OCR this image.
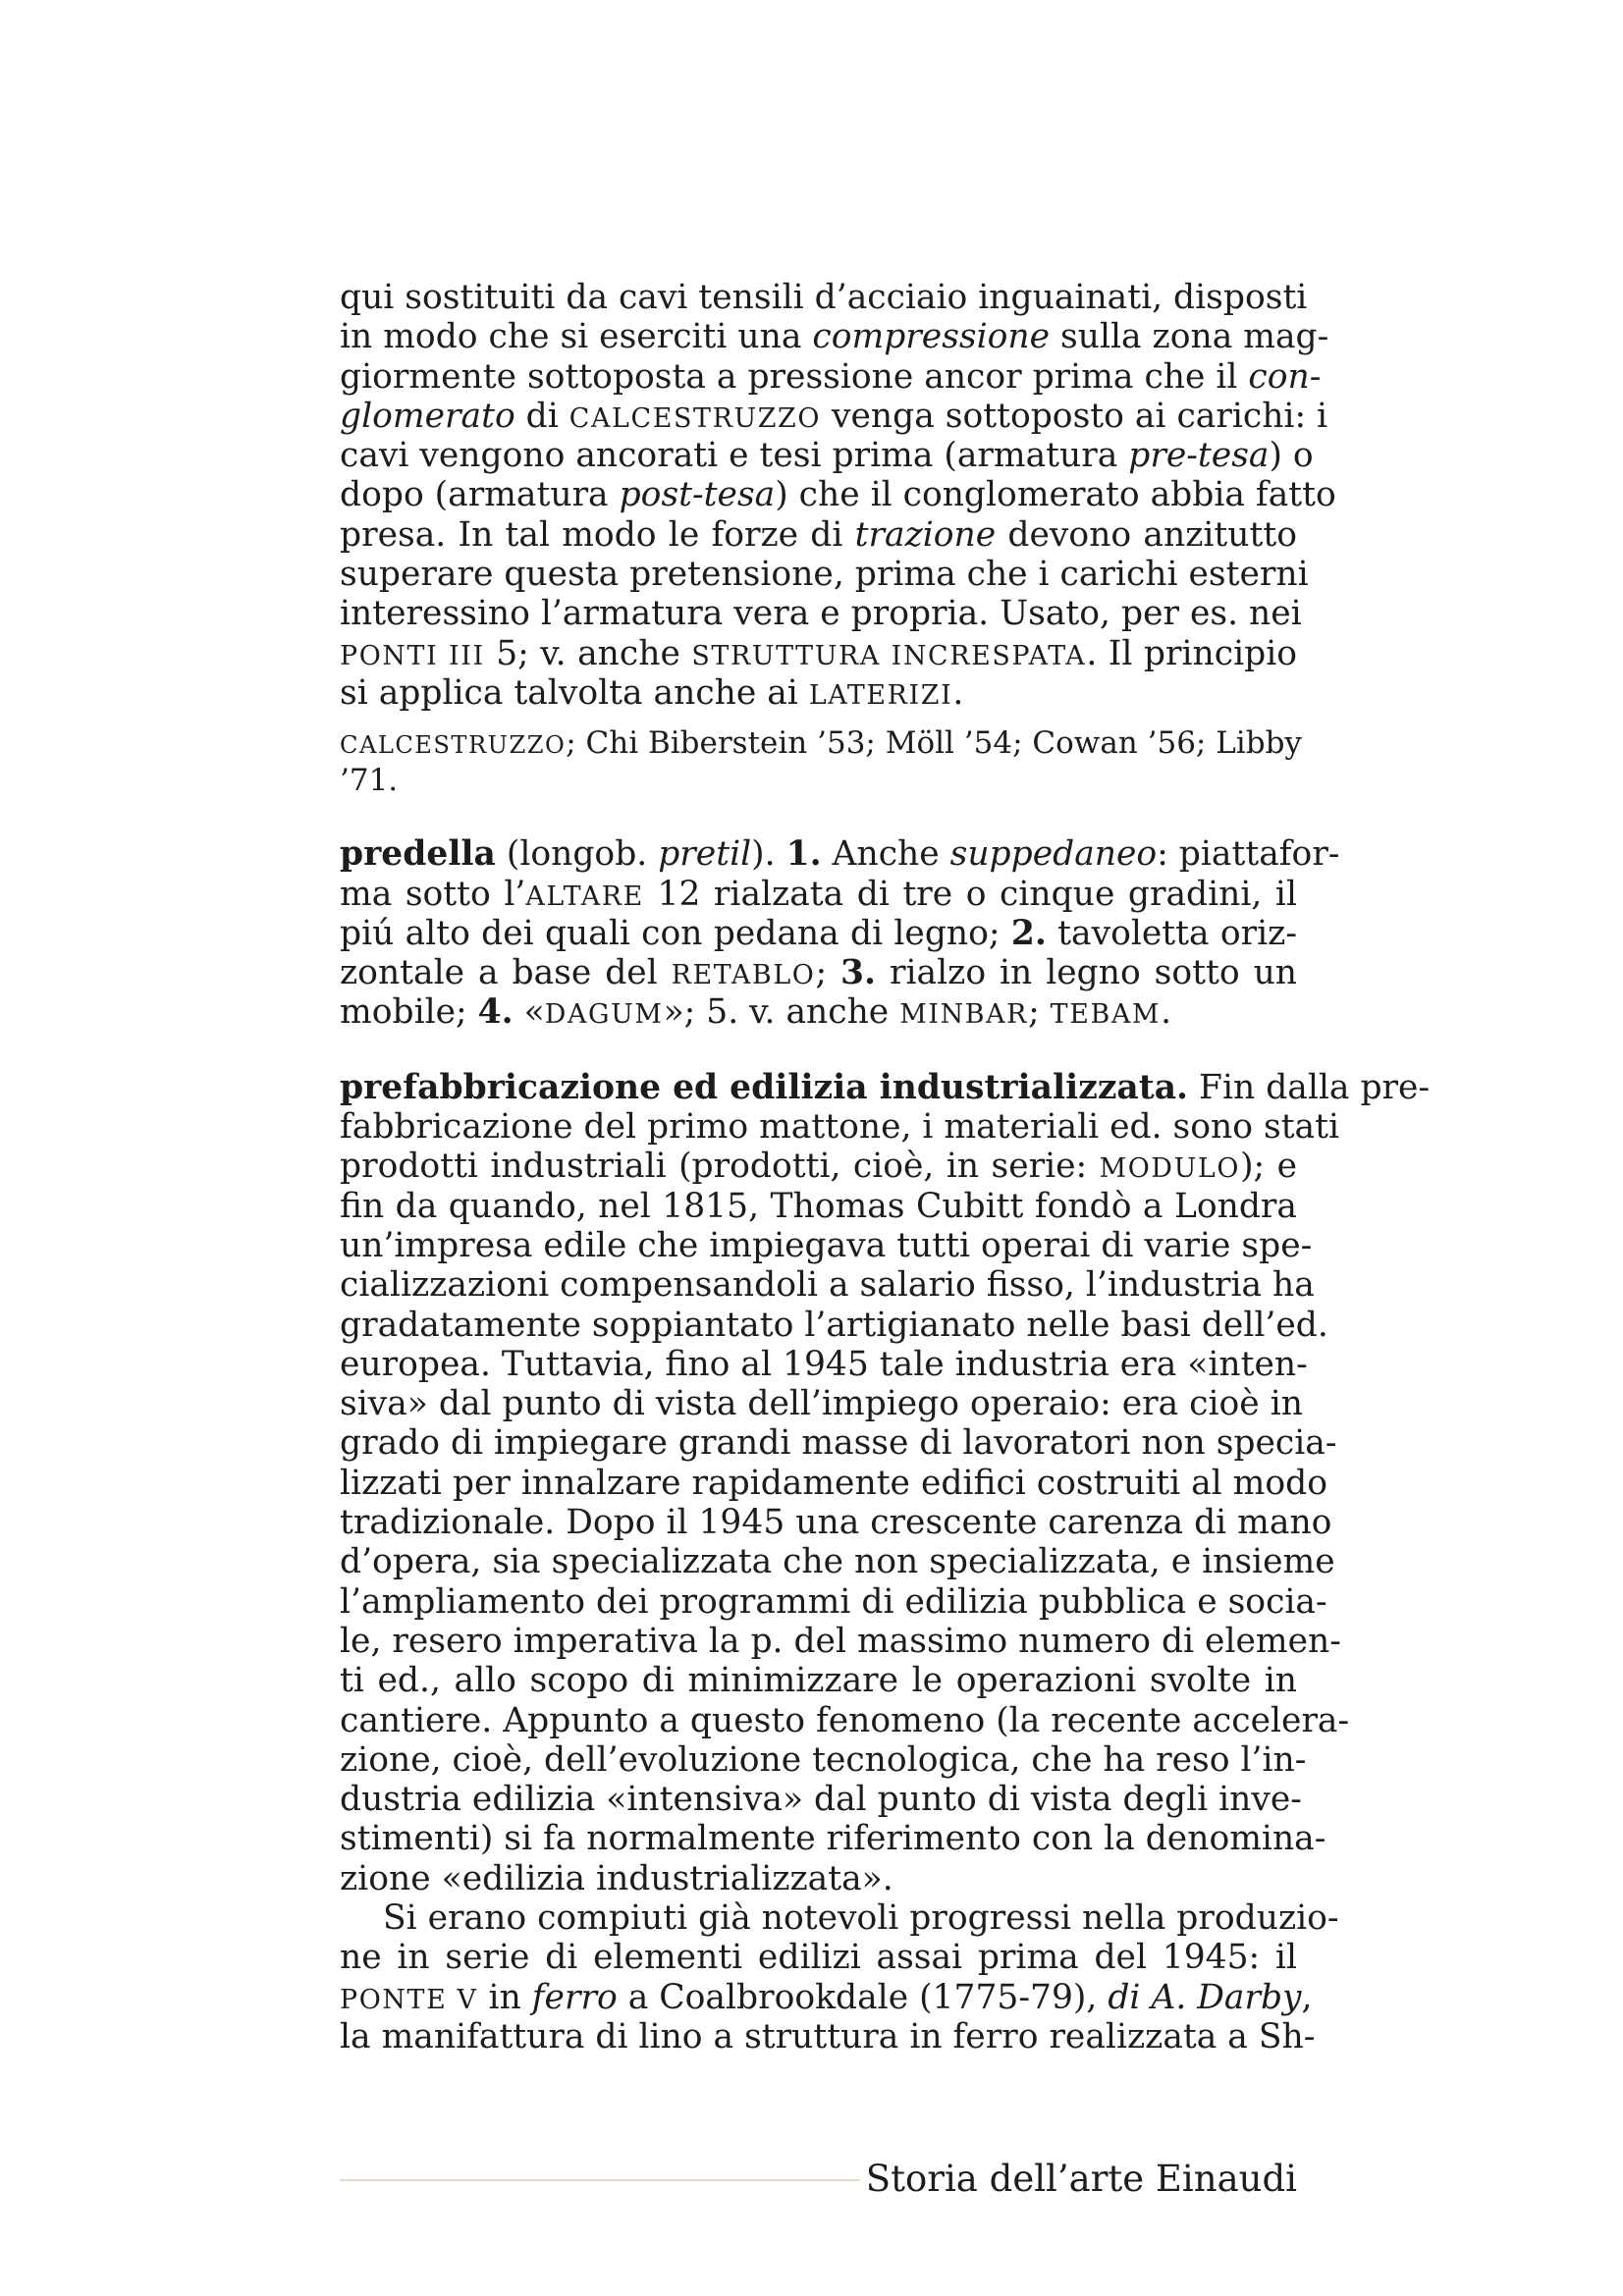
qui sostituiti da cavi tensili d’acciaio inguainati, disposti
in modo che si eserciti una compressione sulla zona mag-
giormente sottoposta a pressione ancor prima che il con-
glomerato di CALCESTRUZZO venga sottoposto ai carichi: i
cavi vengono ancorati e tesi prima (armatura pre-tesa) o
dopo (armatura post-tesa) che il conglomerato abbia fatto
presa. In tal modo le forze di trazione devono anzitutto
superare questa pretensione, prima che i carichi esterni
interessino l’armatura vera e propria. Usato, per es. nei
PONTI III 5; v. anche STRUTTURA INCRESPATA. Il principio
si applica talvolta anche ai LATERIZI.
CALCESTRUZZO; Chi Biberstein ’53; Möll ’54; Cowan ’56; Libby
’71.
predella (longob. pretil). 1. Anche suppedaneo: piattafor-
ma sotto l’ALTARE 12 rialzata di tre o cinque gradini, il
piú alto dei quali con pedana di legno; 2. tavoletta oriz-
zontale a base del RETABLO; 3. rialzo in legno sotto un
mobile; 4. «DAGUM»; 5. v. anche MINBAR; TEBAM.
prefabbricazione ed edilizia industrializzata. Fin dalla pre-
fabbricazione del primo mattone, i materiali ed. sono stati
prodotti industriali (prodotti, cioè, in serie: MODULO); e
fin da quando, nel 1815, Thomas Cubitt fondò a Londra
un’impresa edile che impiegava tutti operai di varie spe-
cializzazioni compensandoli a salario fisso, l’industria ha
gradatamente soppiantato l’artigianato nelle basi dell’ed.
europea. Tuttavia, fino al 1945 tale industria era «inten-
siva» dal punto di vista dell’impiego operaio: era cioè in
grado di impiegare grandi masse di lavoratori non specia-
lizzati per innalzare rapidamente edifici costruiti al modo
tradizionale. Dopo il 1945 una crescente carenza di mano
d’opera, sia specializzata che non specializzata, e insieme
l’ampliamento dei programmi di edilizia pubblica e socia-
le, resero imperativa la p. del massimo numero di elemen-
ti ed., allo scopo di minimizzare le operazioni svolte in
cantiere. Appunto a questo fenomeno (la recente accelera-
zione, cioè, dell’evoluzione tecnologica, che ha reso l’in-
dustria edilizia «intensiva» dal punto di vista degli inve-
stimenti) si fa normalmente riferimento con la denomina-
zione «edilizia industrializzata».
Si erano compiuti già notevoli progressi nella produzio-
ne in serie di elementi edilizi assai prima del 1945: il
PONTE V in ferro a Coalbrookdale (1775-79), di A. Darby,
la manifattura di lino a struttura in ferro realizzata a Sh-
Storia dell’arte Einaudi
